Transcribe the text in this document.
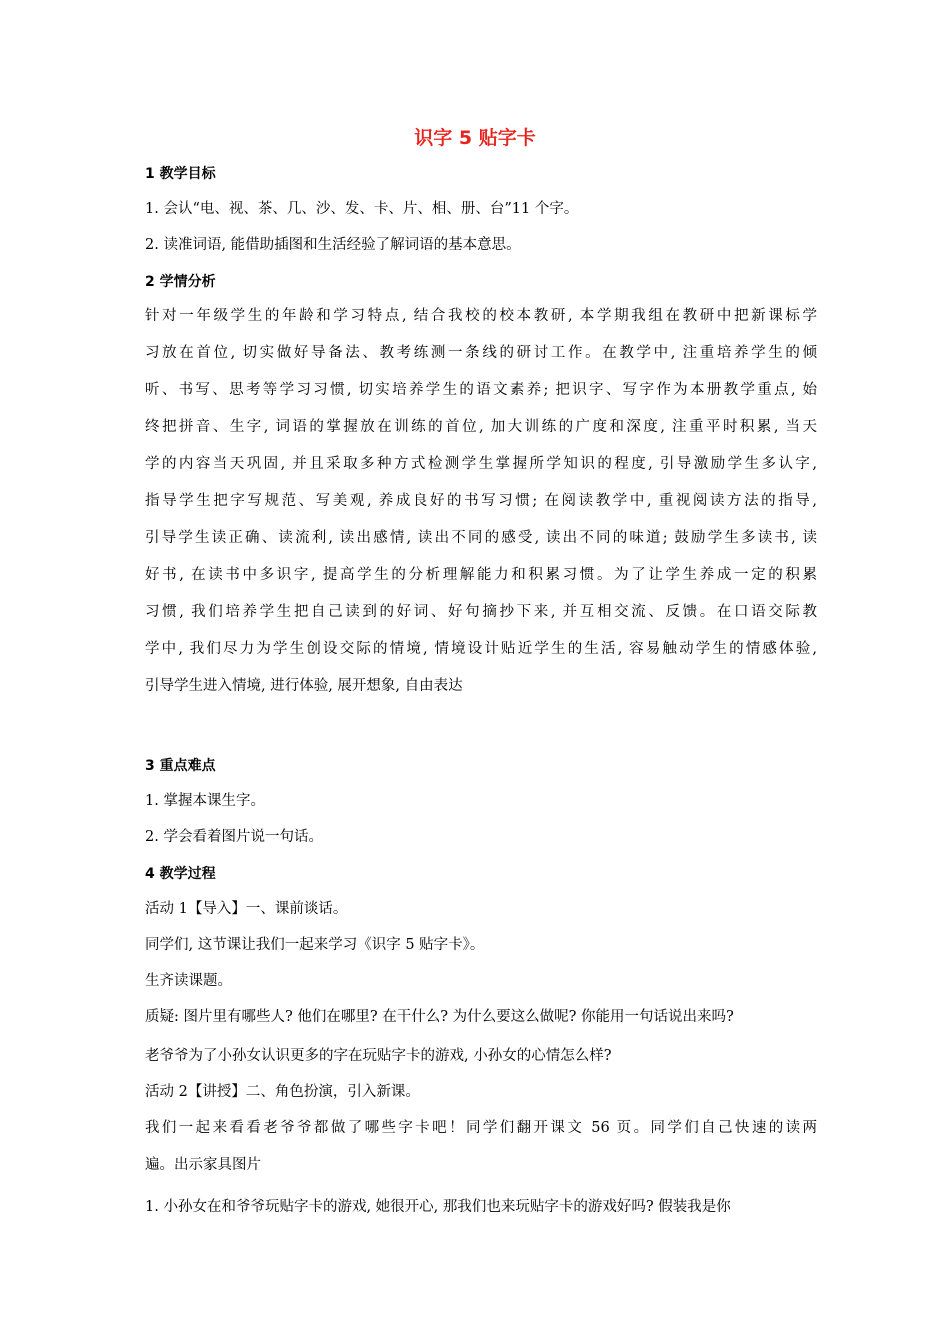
识字 5 贴字卡
1 教学目标
1. 会认“电、视、茶、几、沙、发、卡、片、相、册、台”11 个字。
2. 读准词语, 能借助插图和生活经验了解词语的基本意思。
2 学情分析
针对一年级学生的年龄和学习特点, 结合我校的校本教研, 本学期我组在教研中把新课标学
习放在首位, 切实做好导备法、教考练测一条线的研讨工作。在教学中, 注重培养学生的倾
听、书写、思考等学习习惯, 切实培养学生的语文素养; 把识字、写字作为本册教学重点, 始
终把拼音、生字, 词语的掌握放在训练的首位, 加大训练的广度和深度, 注重平时积累, 当天
学的内容当天巩固, 并且采取多种方式检测学生掌握所学知识的程度, 引导激励学生多认字,
指导学生把字写规范、写美观, 养成良好的书写习惯; 在阅读教学中, 重视阅读方法的指导,
引导学生读正确、读流利, 读出感情, 读出不同的感受, 读出不同的味道; 鼓励学生多读书, 读
好书, 在读书中多识字, 提高学生的分析理解能力和积累习惯。为了让学生养成一定的积累
习惯, 我们培养学生把自己读到的好词、好句摘抄下来, 并互相交流、反馈。在口语交际教
学中, 我们尽力为学生创设交际的情境, 情境设计贴近学生的生活, 容易触动学生的情感体验,
引导学生进入情境, 进行体验, 展开想象, 自由表达
3 重点难点
1. 掌握本课生字。
2. 学会看着图片说一句话。
4 教学过程
活动 1【导入】一、课前谈话。
同学们, 这节课让我们一起来学习《识字 5 贴字卡》。
生齐读课题。
质疑: 图片里有哪些人? 他们在哪里? 在干什么? 为什么要这么做呢? 你能用一句话说出来吗?
老爷爷为了小孙女认识更多的字在玩贴字卡的游戏, 小孙女的心情怎么样?
活动 2【讲授】二、角色扮演，引入新课。
我们一起来看看老爷爷都做了哪些字卡吧！同学们翻开课文 56 页。同学们自己快速的读两
遍。出示家具图片
1. 小孙女在和爷爷玩贴字卡的游戏, 她很开心, 那我们也来玩贴字卡的游戏好吗? 假装我是你
